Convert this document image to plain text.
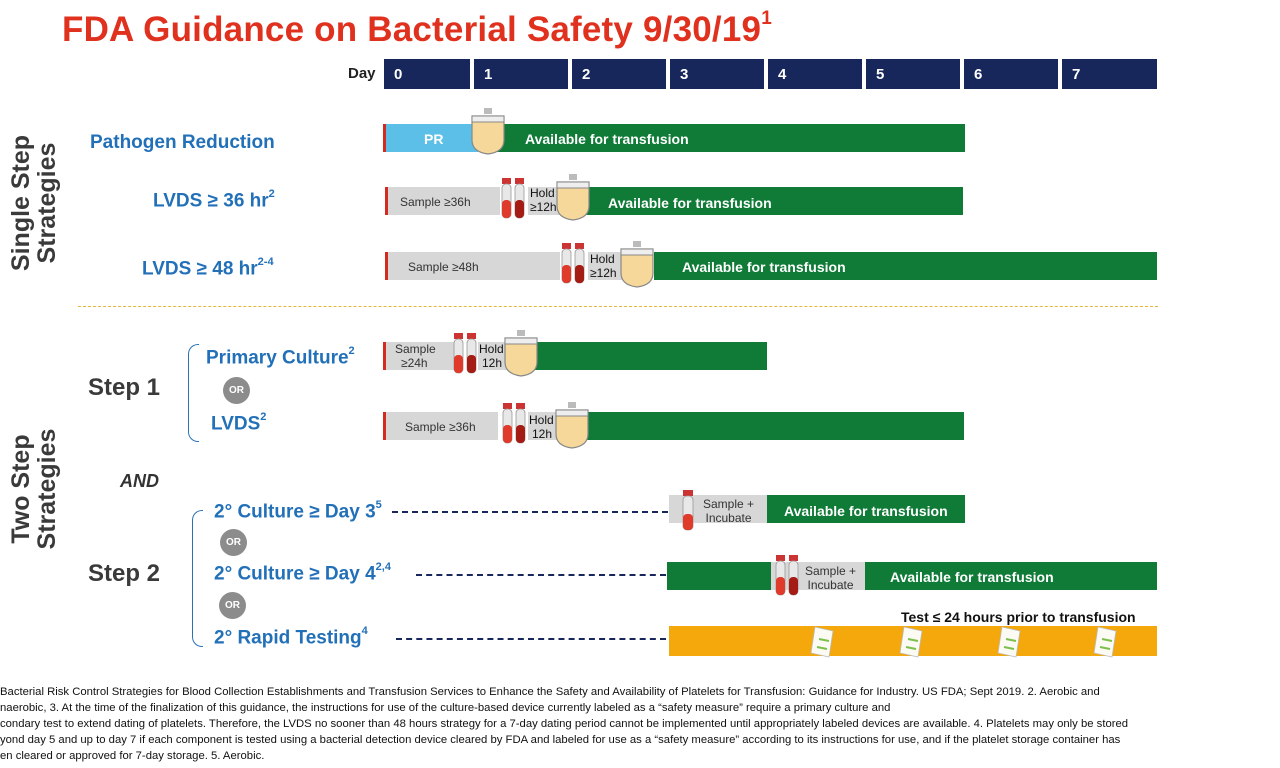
FDA Guidance on Bacterial Safety $9/30/19^1$
Day	0	1	2	3	4	5	6	7
Single Step
Strategies
Two Step
Strategies
Pathogen Reduction	PR	Available for transfusion
LVDS ≥ 36 $hr^2$
Sample ≥36h
Hold
≥12h	Available for transfusion
LVDS ≥ 48 $hr^{2-4}$	Sample ≥48h
Hold
≥12h	Available for transfusion
Step 1
Primary Culture$^2$
OR
LVDS$^2$
Sample
≥24h
Hold
12h
Sample ≥36h	Hold
12h
AND
Step 2
2° Culture ≥ Day $3^5$
OR
2° Culture ≥ Day 4$^{2,4}$
OR
2° Rapid Testing$^4$
Sample +
Incubate Available for transfusion
Sample +
Incubate	Available for transfusion
Test ≤ 24 hours prior to transfusion
Bacterial Risk Control Strategies for Blood Collection Establishments and Transfusion Services to Enhance the Safety and Availability of Platelets for Transfusion: Guidance for Industry. US FDA; Sept 2019. 2. Aerobic and
naerobic, 3. At the time of the finalization of this guidance, the instructions for use of the culture-based device currently labeled as a “safety measure” require a primary culture and
condary test to extend dating of platelets. Therefore, the LVDS no sooner than 48 hours strategy for a 7-day dating period cannot be implemented until appropriately labeled devices are available. 4. Platelets may only be stored
yond day 5 and up to day 7 if each component is tested using a bacterial detection device cleared by FDA and labeled for use as a “safety measure” according to its instructions for use, and if the platelet storage container has
en cleared or approved for 7-day storage. 5. Aerobic.
